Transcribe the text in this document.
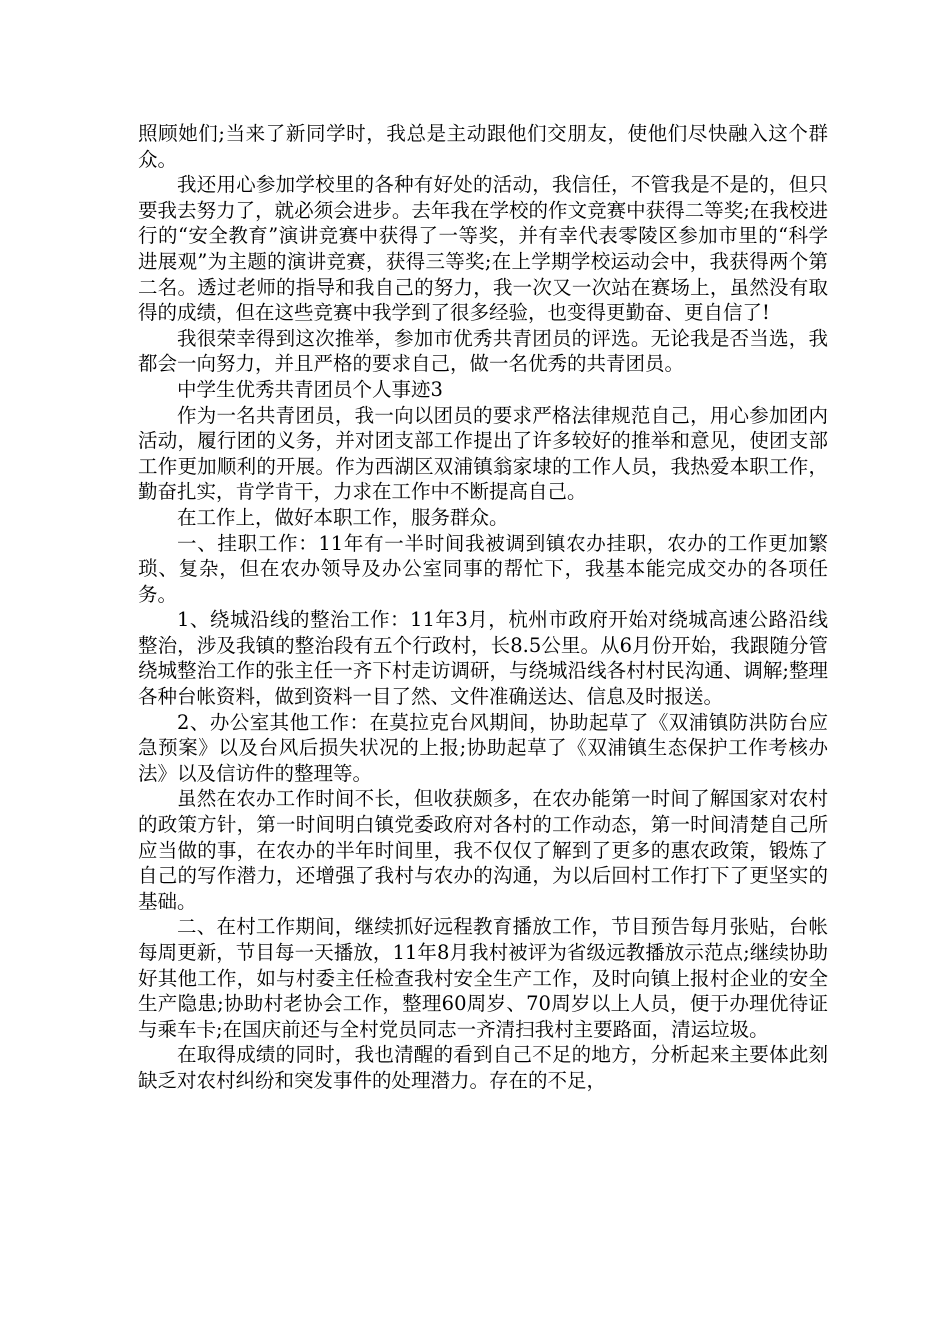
照顾她们;当来了新同学时，我总是主动跟他们交朋友，使他们尽快融入这个群众。

我还用心参加学校里的各种有好处的活动，我信任，不管我是不是的，但只要我去努力了，就必须会进步。去年我在学校的作文竞赛中获得二等奖;在我校进行的“安全教育”演讲竞赛中获得了一等奖，并有幸代表零陵区参加市里的“科学进展观”为主题的演讲竞赛，获得三等奖;在上学期学校运动会中，我获得两个第二名。透过老师的指导和我自己的努力，我一次又一次站在赛场上，虽然没有取得的成绩，但在这些竞赛中我学到了很多经验，也变得更勤奋、更自信了!

我很荣幸得到这次推举，参加市优秀共青团员的评选。无论我是否当选，我都会一向努力，并且严格的要求自己，做一名优秀的共青团员。

中学生优秀共青团员个人事迹3

作为一名共青团员，我一向以团员的要求严格法律规范自己，用心参加团内活动，履行团的义务，并对团支部工作提出了许多较好的推举和意见，使团支部工作更加顺利的开展。作为西湖区双浦镇翁家埭的工作人员，我热爱本职工作，勤奋扎实，肯学肯干，力求在工作中不断提高自己。

在工作上，做好本职工作，服务群众。

一、挂职工作：11年有一半时间我被调到镇农办挂职，农办的工作更加繁琐、复杂，但在农办领导及办公室同事的帮忙下，我基本能完成交办的各项任务。

1、绕城沿线的整治工作：11年3月，杭州市政府开始对绕城高速公路沿线整治，涉及我镇的整治段有五个行政村，长8.5公里。从6月份开始，我跟随分管绕城整治工作的张主任一齐下村走访调研，与绕城沿线各村村民沟通、调解;整理各种台帐资料，做到资料一目了然、文件准确送达、信息及时报送。

2、办公室其他工作：在莫拉克台风期间，协助起草了《双浦镇防洪防台应急预案》以及台风后损失状况的上报;协助起草了《双浦镇生态保护工作考核办法》以及信访件的整理等。

虽然在农办工作时间不长，但收获颇多，在农办能第一时间了解国家对农村的政策方针，第一时间明白镇党委政府对各村的工作动态，第一时间清楚自己所应当做的事，在农办的半年时间里，我不仅仅了解到了更多的惠农政策，锻炼了自己的写作潜力，还增强了我村与农办的沟通，为以后回村工作打下了更坚实的基础。

二、在村工作期间，继续抓好远程教育播放工作，节目预告每月张贴，台帐每周更新，节目每一天播放，11年8月我村被评为省级远教播放示范点;继续协助好其他工作，如与村委主任检查我村安全生产工作，及时向镇上报村企业的安全生产隐患;协助村老协会工作，整理60周岁、70周岁以上人员，便于办理优待证与乘车卡;在国庆前还与全村党员同志一齐清扫我村主要路面，清运垃圾。

在取得成绩的同时，我也清醒的看到自己不足的地方，分析起来主要体此刻缺乏对农村纠纷和突发事件的处理潜力。存在的不足，
